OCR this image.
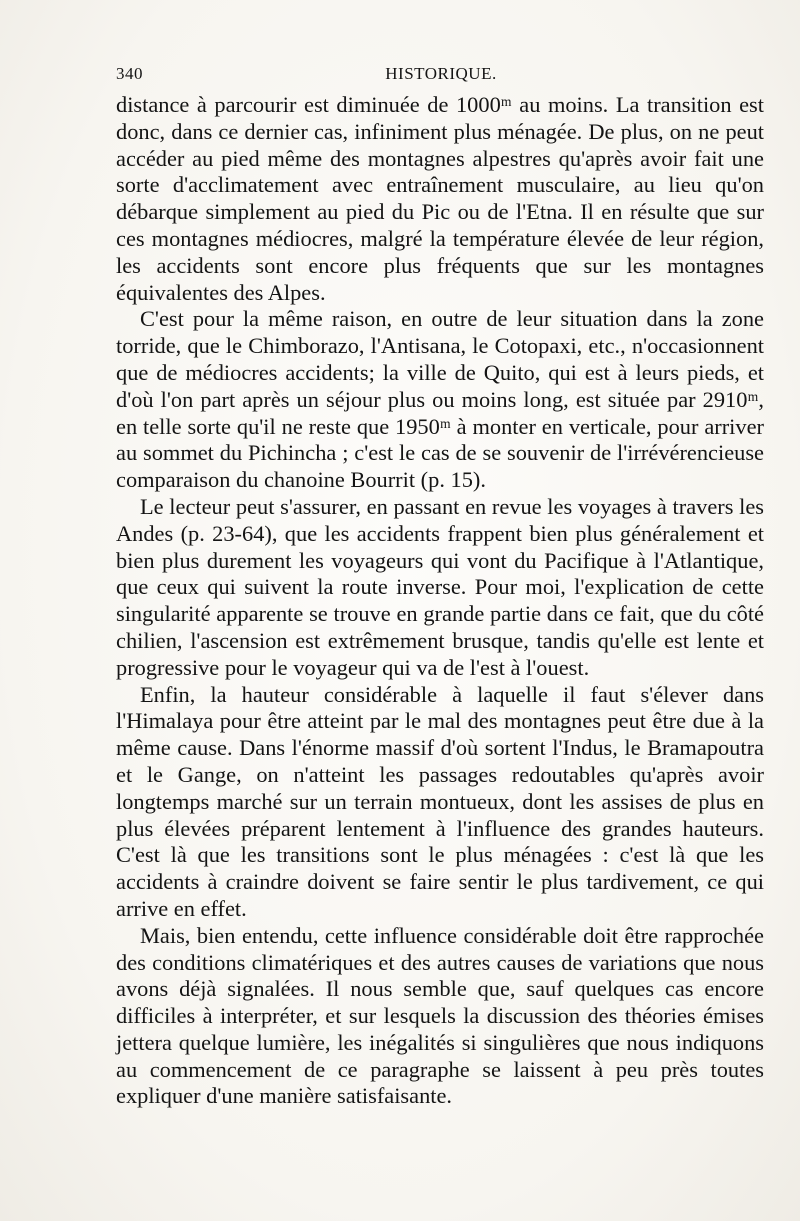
340	HISTORIQUE.

distance à parcourir est diminuée de 1000ᵐ au moins. La transition est donc, dans ce dernier cas, infiniment plus ménagée. De plus, on ne peut accéder au pied même des montagnes alpestres qu'après avoir fait une sorte d'acclimatement avec entraînement musculaire, au lieu qu'on débarque simplement au pied du Pic ou de l'Etna. Il en résulte que sur ces montagnes médiocres, malgré la température élevée de leur région, les accidents sont encore plus fréquents que sur les montagnes équivalentes des Alpes.

C'est pour la même raison, en outre de leur situation dans la zone torride, que le Chimborazo, l'Antisana, le Cotopaxi, etc., n'occasionnent que de médiocres accidents; la ville de Quito, qui est à leurs pieds, et d'où l'on part après un séjour plus ou moins long, est située par 2910ᵐ, en telle sorte qu'il ne reste que 1950ᵐ à monter en verticale, pour arriver au sommet du Pichincha ; c'est le cas de se souvenir de l'irrévérencieuse comparaison du chanoine Bourrit (p. 15).

Le lecteur peut s'assurer, en passant en revue les voyages à travers les Andes (p. 23-64), que les accidents frappent bien plus généralement et bien plus durement les voyageurs qui vont du Pacifique à l'Atlantique, que ceux qui suivent la route inverse. Pour moi, l'explication de cette singularité apparente se trouve en grande partie dans ce fait, que du côté chilien, l'ascension est extrêmement brusque, tandis qu'elle est lente et progressive pour le voyageur qui va de l'est à l'ouest.

Enfin, la hauteur considérable à laquelle il faut s'élever dans l'Himalaya pour être atteint par le mal des montagnes peut être due à la même cause. Dans l'énorme massif d'où sortent l'Indus, le Bramapoutra et le Gange, on n'atteint les passages redoutables qu'après avoir longtemps marché sur un terrain montueux, dont les assises de plus en plus élevées préparent lentement à l'influence des grandes hauteurs. C'est là que les transitions sont le plus ménagées : c'est là que les accidents à craindre doivent se faire sentir le plus tardivement, ce qui arrive en effet.

Mais, bien entendu, cette influence considérable doit être rapprochée des conditions climatériques et des autres causes de variations que nous avons déjà signalées. Il nous semble que, sauf quelques cas encore difficiles à interpréter, et sur lesquels la discussion des théories émises jettera quelque lumière, les inégalités si singulières que nous indiquons au commencement de ce paragraphe se laissent à peu près toutes expliquer d'une manière satisfaisante.
